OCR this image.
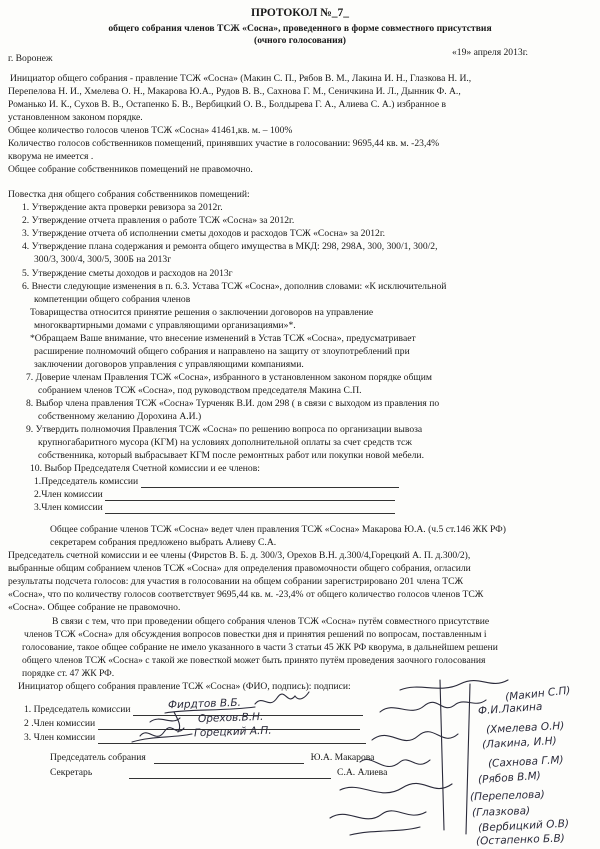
ПРОТОКОЛ №_7_
общего собрания членов ТСЖ «Сосна», проведенного в форме совместного присутствия
(очного голосования)
г. Воронеж
«19» апреля 2013г.
Инициатор общего собрания - правление ТСЖ «Сосна» (Макин С. П., Рябов В. М., Лакина И. Н., Глазкова Н. И.,
Перепелова Н. И., Хмелева О. Н., Макарова Ю.А., Рудов В. В., Сахнова Г. М., Сеничкина И. Л., Дынник Ф. А.,
Романько И. К., Сухов В. В., Остапенко Б. В., Вербицкий О. В., Болдырева Г. А., Алиева С. А.) избранное в
установленном законом порядке.
Общее количество голосов членов ТСЖ «Сосна» 41461,кв. м. – 100%
Количество голосов собственников помещений, принявших участие в голосовании: 9695,44 кв. м. -23,4%
кворума не имеется .
Общее собрание собственников помещений не правомочно.
Повестка дня общего собрания собственников помещений:
1. Утверждение акта проверки ревизора за 2012г.
2. Утверждение отчета правления о работе ТСЖ «Сосна» за 2012г.
3. Утверждение отчета об исполнении сметы доходов и расходов ТСЖ «Сосна» за 2012г.
4. Утверждение плана содержания и ремонта общего имущества в МКД: 298, 298А, 300, 300/1, 300/2,
300/3, 300/4, 300/5, 300Б на 2013г
5. Утверждение сметы доходов и расходов на 2013г
6. Внести следующие изменения в п. 6.3. Устава ТСЖ «Сосна», дополнив словами: «К исключительной
компетенции общего собрания членов
Товарищества относится принятие решения о заключении договоров на управление
многоквартирными домами с управляющими организациями»*.
*Обращаем Ваше внимание, что внесение изменений в Устав ТСЖ «Сосна», предусматривает
расширение полномочий общего собрания и направлено на защиту от злоупотреблений при
заключении договоров управления с управляющими компаниями.
7. Доверие членам Правления ТСЖ «Сосна», избранного в установленном законом порядке общим
собранием членов ТСЖ «Сосна», под руководством председателя Макина С.П.
8. Выбор члена правления ТСЖ «Сосна» Турченяк В.И. дом 298 ( в связи с выходом из правления по
собственному желанию Дорохина А.И.)
9. Утвердить полномочия Правления ТСЖ «Сосна» по решению вопроса по организации вывоза
крупногабаритного мусора (КГМ) на условиях дополнительной оплаты за счет средств тсж
собственника, который выбрасывает КГМ после ремонтных работ или покупки новой мебели.
10. Выбор Председателя Счетной комиссии и ее членов:
1.Председатель комиссии
2.Член комиссии
3.Член комиссии
Общее собрание членов ТСЖ «Сосна» ведет член правления ТСЖ «Сосна» Макарова Ю.А. (ч.5 ст.146 ЖК РФ)
секретарем собрания предложено выбрать Алиеву С.А.
Председатель счетной комиссии и ее члены (Фирстов В. Б. д. 300/3, Орехов В.Н. д.300/4,Горецкий А. П. д.300/2),
выбранные общим собранием членов ТСЖ «Сосна» для определения правомочности общего собрания, огласили
результаты подсчета голосов: для участия в голосовании на общем собрании зарегистрировано 201 члена ТСЖ
«Сосна», что по количеству голосов соответствует 9695,44 кв. м. -23,4% от общего количество голосов членов ТСЖ
«Сосна». Общее собрание не правомочно.
В связи с тем, что при проведении общего собрания членов ТСЖ «Сосна» путём совместного присутствие
членов ТСЖ «Сосна» для обсуждения вопросов повестки дня и принятия решений по вопросам, поставленным і
голосование, такое общее собрание не имело указанного в части 3 статьи 45 ЖК РФ кворума, в дальнейшем решени
общего членов ТСЖ «Сосна» с такой же повесткой может быть принято путём проведения заочного голосования
порядке ст. 47 ЖК РФ.
Инициатор общего собрания правление ТСЖ «Сосна» (ФИО, подпись): подписи:
1. Председатель комиссии
2 .Член комиссии
3. Член комиссии
Фирдтов В.Б.
Орехов.В.Н.
Горецкий А.П.
Председатель собрания	Ю.А. Макарова
Секретарь	С.А. Алиева
(Макин С.П)
Ф.И.Лакина
(Хмелева О.Н)
(Лакина, И.Н)
(Сахнова Г.М)
(Рябов В.М)
(Перепелова)
(Глазкова)
(Вербицкий О.В)
(Остапенко Б.В)
